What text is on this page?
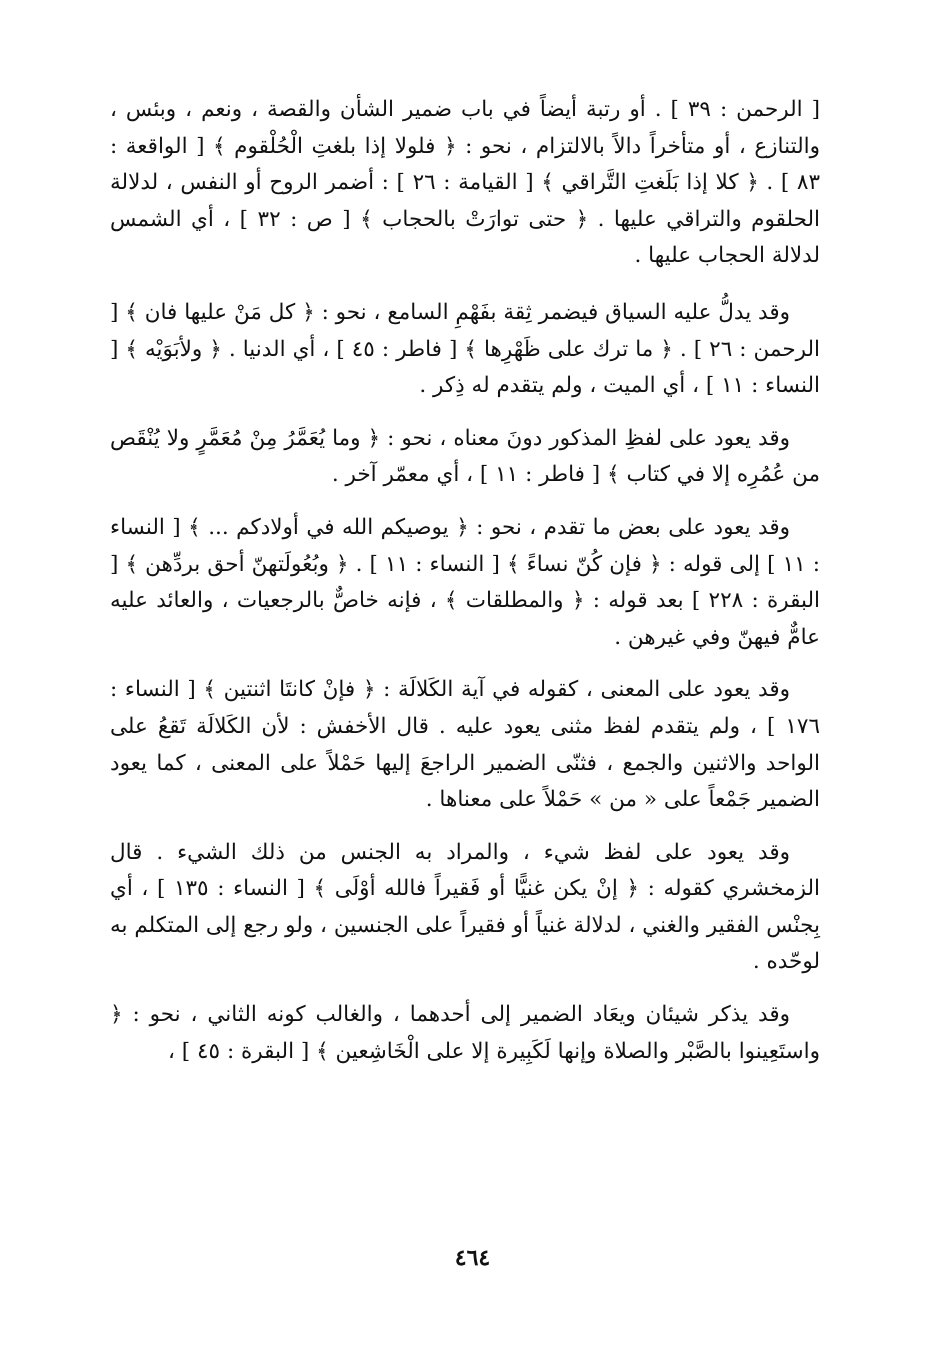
[ الرحمن : ٣٩ ] . أو رتبة أيضاً في باب ضمير الشأن والقصة ، ونعم ، وبئس ، والتنازع ، أو متأخراً دالاً بالالتزام ، نحو : ﴿ فلولا إذا بلغتِ الْحُلْقوم ﴾ [ الواقعة : ٨٣ ] . ﴿ كلا إذا بَلَغتِ التَّراقي ﴾ [ القيامة : ٢٦ ] : أضمر الروح أو النفس ، لدلالة الحلقوم والتراقي عليها . ﴿ حتى توارَتْ بالحجاب ﴾ [ ص : ٣٢ ] ، أي الشمس لدلالة الحجاب عليها .

وقد يدلُّ عليه السياق فيضمر ثِقة بفَهْمِ السامع ، نحو : ﴿ كل مَنْ عليها فان ﴾ [ الرحمن : ٢٦ ] . ﴿ ما ترك على ظَهْرِها ﴾ [ فاطر : ٤٥ ] ، أي الدنيا . ﴿ ولأبَوَيْه ﴾ [ النساء : ١١ ] ، أي الميت ، ولم يتقدم له ذِكر .

وقد يعود على لفظِ المذكور دونَ معناه ، نحو : ﴿ وما يُعَمَّرُ مِنْ مُعَمَّرٍ ولا يُنْقَص من عُمُرِه إلا في كتاب ﴾ [ فاطر : ١١ ] ، أي معمّر آخر .

وقد يعود على بعض ما تقدم ، نحو : ﴿ يوصيكم الله في أولادكم ... ﴾ [ النساء : ١١ ] إلى قوله : ﴿ فإن كُنّ نساءً ﴾ [ النساء : ١١ ] . ﴿ وبُعُولَتهنّ أحق بردِّهن ﴾ [ البقرة : ٢٢٨ ] بعد قوله : ﴿ والمطلقات ﴾ ، فإنه خاصٌّ بالرجعيات ، والعائد عليه عامٌّ فيهنّ وفي غيرهن .

وقد يعود على المعنى ، كقوله في آية الكَلالَة : ﴿ فإنْ كانتَا اثنتين ﴾ [ النساء : ١٧٦ ] ، ولم يتقدم لفظ مثنى يعود عليه . قال الأخفش : لأن الكَلالَة تَقعُ على الواحد والاثنين والجمع ، فثنّى الضمير الراجعَ إليها حَمْلاً على المعنى ، كما يعود الضمير جَمْعاً على « من » حَمْلاً على معناها .

وقد يعود على لفظ شيء ، والمراد به الجنس من ذلك الشيء . قال الزمخشري كقوله : ﴿ إنْ يكن غنيًّا أو فَقيراً فالله أوْلَى ﴾ [ النساء : ١٣٥ ] ، أي بِجنْس الفقير والغني ، لدلالة غنياً أو فقيراً على الجنسين ، ولو رجع إلى المتكلم به لوحّده .

وقد يذكر شيئان ويعَاد الضمير إلى أحدهما ، والغالب كونه الثاني ، نحو : ﴿ واستَعِينوا بالصَّبْر والصلاة وإنها لَكَبِيرة إلا على الْخَاشِعين ﴾ [ البقرة : ٤٥ ] ،

٤٦٤
